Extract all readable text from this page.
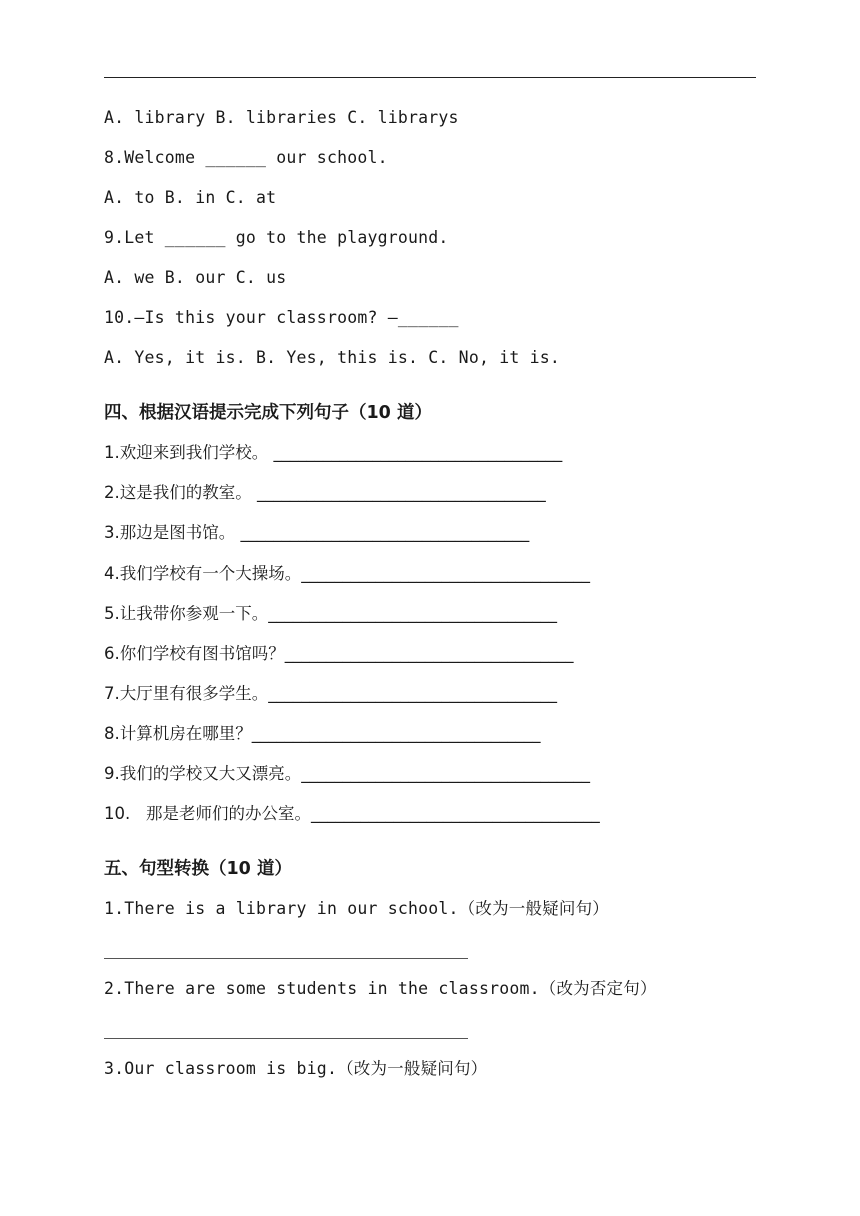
A. library B. libraries C. librarys
8.Welcome ______ our school.
A. to B. in C. at
9.Let ______ go to the playground.
A. we B. our C. us
10.—Is this your classroom? —______
A. Yes, it is. B. Yes, this is. C. No, it is.
四、根据汉语提示完成下列句子（10 道）
1.欢迎来到我们学校。 ___________________________________
2.这是我们的教室。 ___________________________________
3.那边是图书馆。 ___________________________________
4.我们学校有一个大操场。___________________________________
5.让我带你参观一下。___________________________________
6.你们学校有图书馆吗？___________________________________
7.大厅里有很多学生。___________________________________
8.计算机房在哪里？___________________________________
9.我们的学校又大又漂亮。___________________________________
10.   那是老师们的办公室。___________________________________
五、句型转换（10 道）
1.There is a library in our school.（改为一般疑问句）
2.There are some students in the classroom.（改为否定句）
3.Our classroom is big.（改为一般疑问句）
